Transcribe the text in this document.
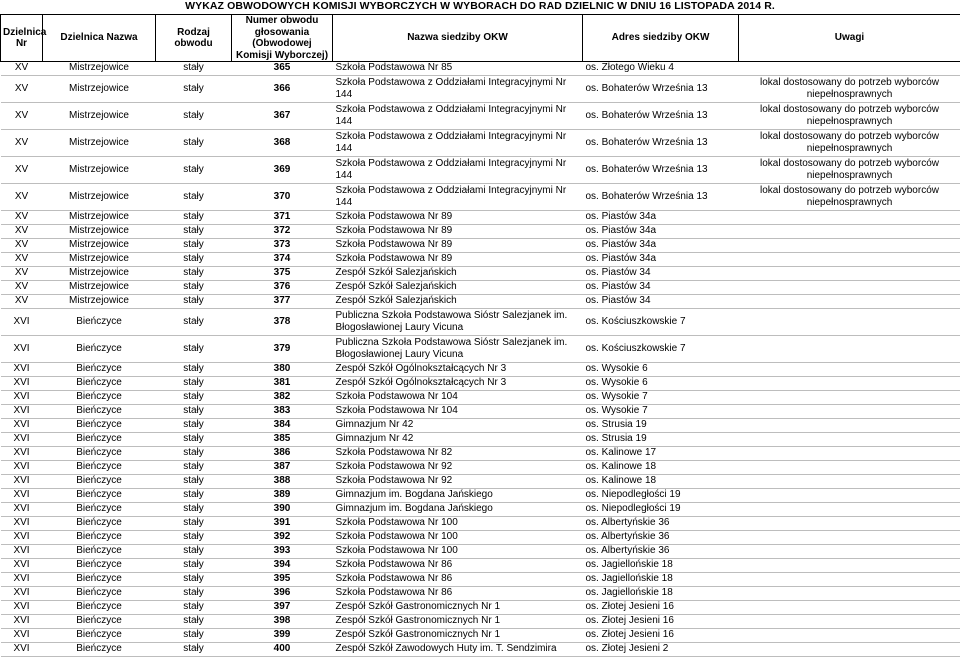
WYKAZ OBWODOWYCH KOMISJI WYBORCZYCH W WYBORACH DO RAD DZIELNIC W DNIU 16 LISTOPADA 2014 R.
Dzielnica Nr	Dzielnica Nazwa	Rodzaj obwodu	Numer obwodu głosowania (Obwodowej Komisji Wyborczej)	Nazwa siedziby OKW	Adres siedziby OKW	Uwagi
XV	Mistrzejowice	stały	365	Szkoła Podstawowa Nr 85	os. Złotego Wieku 4	
XV	Mistrzejowice	stały	366	Szkoła Podstawowa z Oddziałami Integracyjnymi Nr 144	os. Bohaterów Września 13	lokal dostosowany do potrzeb wyborców niepełnosprawnych
XV	Mistrzejowice	stały	367	Szkoła Podstawowa z Oddziałami Integracyjnymi Nr 144	os. Bohaterów Września 13	lokal dostosowany do potrzeb wyborców niepełnosprawnych
XV	Mistrzejowice	stały	368	Szkoła Podstawowa z Oddziałami Integracyjnymi Nr 144	os. Bohaterów Września 13	lokal dostosowany do potrzeb wyborców niepełnosprawnych
XV	Mistrzejowice	stały	369	Szkoła Podstawowa z Oddziałami Integracyjnymi Nr 144	os. Bohaterów Września 13	lokal dostosowany do potrzeb wyborców niepełnosprawnych
XV	Mistrzejowice	stały	370	Szkoła Podstawowa z Oddziałami Integracyjnymi Nr 144	os. Bohaterów Września 13	lokal dostosowany do potrzeb wyborców niepełnosprawnych
XV	Mistrzejowice	stały	371	Szkoła Podstawowa Nr 89	os. Piastów 34a	
XV	Mistrzejowice	stały	372	Szkoła Podstawowa Nr 89	os. Piastów 34a	
XV	Mistrzejowice	stały	373	Szkoła Podstawowa Nr 89	os. Piastów 34a	
XV	Mistrzejowice	stały	374	Szkoła Podstawowa Nr 89	os. Piastów 34a	
XV	Mistrzejowice	stały	375	Zespół Szkół Salezjańskich	os. Piastów 34	
XV	Mistrzejowice	stały	376	Zespół Szkół Salezjańskich	os. Piastów 34	
XV	Mistrzejowice	stały	377	Zespół Szkół Salezjańskich	os. Piastów 34	
XVI	Bieńczyce	stały	378	Publiczna Szkoła Podstawowa Sióstr Salezjanek im. Błogosławionej Laury Vicuna	os. Kościuszkowskie 7	
XVI	Bieńczyce	stały	379	Publiczna Szkoła Podstawowa Sióstr Salezjanek im. Błogosławionej Laury Vicuna	os. Kościuszkowskie 7	
XVI	Bieńczyce	stały	380	Zespół Szkół Ogólnokształcących Nr 3	os. Wysokie 6	
XVI	Bieńczyce	stały	381	Zespół Szkół Ogólnokształcących Nr 3	os. Wysokie 6	
XVI	Bieńczyce	stały	382	Szkoła Podstawowa Nr 104	os. Wysokie 7	
XVI	Bieńczyce	stały	383	Szkoła Podstawowa Nr 104	os. Wysokie 7	
XVI	Bieńczyce	stały	384	Gimnazjum Nr 42	os. Strusia 19	
XVI	Bieńczyce	stały	385	Gimnazjum Nr 42	os. Strusia 19	
XVI	Bieńczyce	stały	386	Szkoła Podstawowa Nr 82	os. Kalinowe 17	
XVI	Bieńczyce	stały	387	Szkoła Podstawowa Nr 92	os. Kalinowe 18	
XVI	Bieńczyce	stały	388	Szkoła Podstawowa Nr 92	os. Kalinowe 18	
XVI	Bieńczyce	stały	389	Gimnazjum im. Bogdana Jańskiego	os. Niepodległości 19	
XVI	Bieńczyce	stały	390	Gimnazjum im. Bogdana Jańskiego	os. Niepodległości 19	
XVI	Bieńczyce	stały	391	Szkoła Podstawowa Nr 100	os. Albertyńskie 36	
XVI	Bieńczyce	stały	392	Szkoła Podstawowa Nr 100	os. Albertyńskie 36	
XVI	Bieńczyce	stały	393	Szkoła Podstawowa Nr 100	os. Albertyńskie 36	
XVI	Bieńczyce	stały	394	Szkoła Podstawowa Nr 86	os. Jagiellońskie 18	
XVI	Bieńczyce	stały	395	Szkoła Podstawowa Nr 86	os. Jagiellońskie 18	
XVI	Bieńczyce	stały	396	Szkoła Podstawowa Nr 86	os. Jagiellońskie 18	
XVI	Bieńczyce	stały	397	Zespół Szkół Gastronomicznych Nr 1	os. Złotej Jesieni 16	
XVI	Bieńczyce	stały	398	Zespół Szkół Gastronomicznych Nr 1	os. Złotej Jesieni 16	
XVI	Bieńczyce	stały	399	Zespół Szkół Gastronomicznych Nr 1	os. Złotej Jesieni 16	
XVI	Bieńczyce	stały	400	Zespół Szkół Zawodowych Huty im. T. Sendzimira	os. Złotej Jesieni 2	
